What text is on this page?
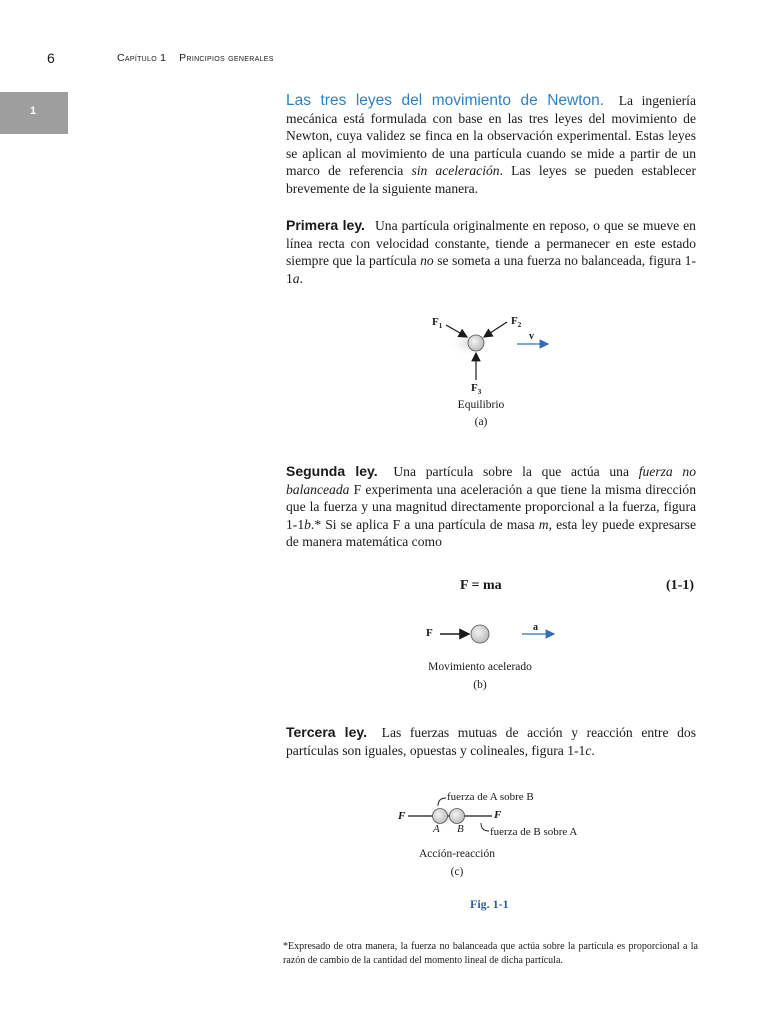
6	Capítulo 1 Principios generales
1

Las tres leyes del movimiento de Newton. La ingeniería mecánica está formulada con base en las tres leyes del movimiento de Newton, cuya validez se finca en la observación experimental. Estas leyes se aplican al movimiento de una partícula cuando se mide a partir de un marco de referencia sin aceleración. Las leyes se pueden establecer brevemente de la siguiente manera.

Primera ley. Una partícula originalmente en reposo, o que se mueve en línea recta con velocidad constante, tiende a permanecer en este estado siempre que la partícula no se someta a una fuerza no balanceada, figura 1-1a.

$F_1$	$F_2$
v
$F_3$
Equilibrio
(a)

Segunda ley. Una partícula sobre la que actúa una fuerza no balanceada F experimenta una aceleración a que tiene la misma dirección que la fuerza y una magnitud directamente proporcional a la fuerza, figura 1-1b.* Si se aplica F a una partícula de masa m, esta ley puede expresarse de manera matemática como

F = ma	(1-1)
F	a
Movimiento acelerado
(b)

Tercera ley. Las fuerzas mutuas de acción y reacción entre dos partículas son iguales, opuestas y colineales, figura 1-1c.

fuerza de A sobre B
F	F
A B fuerza de B sobre A
Acción-reacción
(c)
Fig. 1-1

*Expresado de otra manera, la fuerza no balanceada que actúa sobre la partícula es proporcional a la razón de cambio de la cantidad del momento lineal de dicha partícula.
